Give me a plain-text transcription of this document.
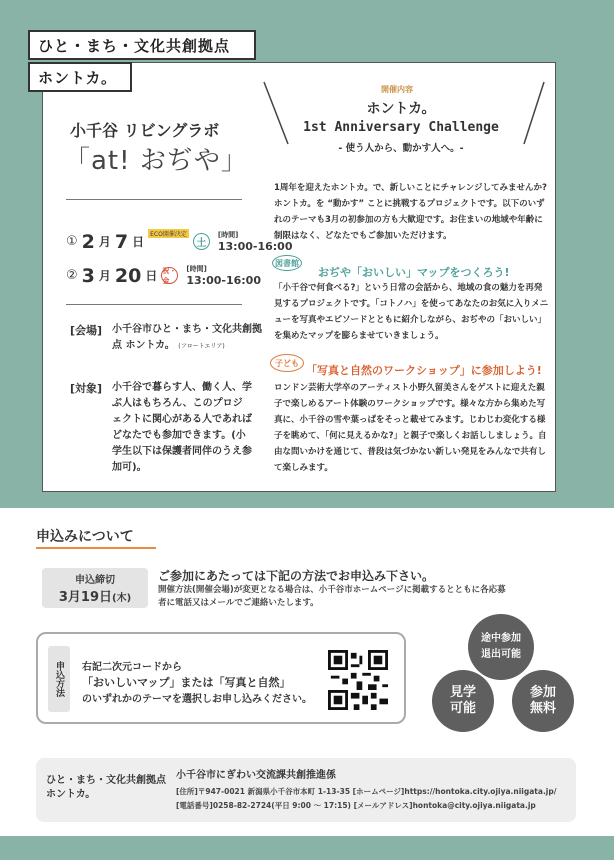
ひと・まち・文化共創拠点
ホントカ。
小千谷 リビングラボ
「at! おぢや」
① 2 月 7 日
ECO開催決定
土
[時間]
13:00-16:00
② 3 月 20 日 祝・金
[時間]
13:00-16:00
[会場] 小千谷市ひと・まち・文化共創拠点 ホントカ。 (フロートエリア)
[対象] 小千谷で暮らす人、働く人、学ぶ人はもちろん、このプロジェクトに関心がある人であればどなたでも参加できます。(小学生以下は保護者同伴のうえ参加可)。
開催内容
ホントカ。
1st Anniversary Challenge
- 使う人から、動かす人へ。-
1周年を迎えたホントカ。で、新しいことにチャレンジしてみませんか?ホントカ。を “動かす” ことに挑戦するプロジェクトです。以下のいずれのテーマも3月の初参加の方も大歓迎です。お住まいの地域や年齢に制限はなく、どなたでもご参加いただけます。
図書館
おぢや「おいしい」マップをつくろう!
「小千谷で何食べる?」という日常の会話から、地域の食の魅力を再発見するプロジェクトです。「コトノハ」を使ってあなたのお気に入りメニューを写真やエピソードとともに紹介しながら、おぢやの「おいしい」を集めたマップを膨らませていきましょう。
子ども
「写真と自然のワークショップ」に参加しよう!
ロンドン芸術大学卒のアーティスト小野久留美さんをゲストに迎えた親子で楽しめるアート体験のワークショップです。様々な方から集めた写真に、小千谷の雪や葉っぱをそっと載せてみます。じわじわ変化する様子を眺めて、「何に見えるかな?」と親子で楽しくお話ししましょう。自由な問いかけを通じて、普段は気づかない新しい発見をみんなで共有して楽しみます。
申込みについて
申込締切
3月19日(木)
ご参加にあたっては下記の方法でお申込み下さい。
開催方法(開催会場)が変更となる場合は、小千谷市ホームページに掲載するとともに各応募者に電話又はメールでご連絡いたします。
申込方法	右記二次元コードから
「おいしいマップ」または「写真と自然」
のいずれかのテーマを選択しお申し込みください。
途中参加
退出可能
見学
可能
参加
無料
ひと・まち・文化共創拠点
ホントカ。
小千谷市にぎわい交流課共創推進係
[住所]〒947-0021 新潟県小千谷市本町 1-13-35 [ホームページ]https://hontoka.city.ojiya.niigata.jp/
[電話番号]0258-82-2724(平日 9:00 〜 17:15) [メールアドレス]hontoka@city.ojiya.niigata.jp
